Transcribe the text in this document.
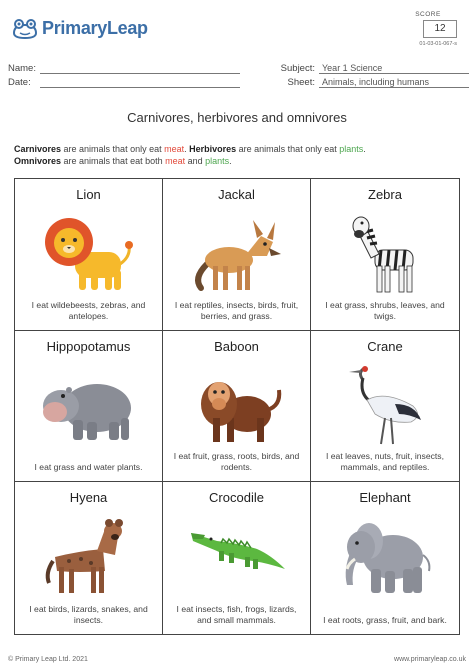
PrimaryLeap
SCORE
12
01-03-01-067-s
Name:
Date:
Subject: Year 1 Science
Sheet: Animals, including humans
Carnivores, herbivores and omnivores
Carnivores are animals that only eat meat. Herbivores are animals that only eat plants.
Omnivores are animals that eat both meat and plants.
Lion
I eat wildebeests, zebras, and antelopes.
Jackal
I eat reptiles, insects, birds, fruit, berries, and grass.
Zebra
I eat grass, shrubs, leaves, and twigs.
Hippopotamus
I eat grass and water plants.
Baboon
I eat fruit, grass, roots, birds, and rodents.
Crane
I eat leaves, nuts, fruit, insects, mammals, and reptiles.
Hyena
I eat birds, lizards, snakes, and insects.
Crocodile
I eat insects, fish, frogs, lizards, and small mammals.
Elephant
I eat roots, grass, fruit, and bark.
© Primary Leap Ltd. 2021	www.primaryleap.co.uk
